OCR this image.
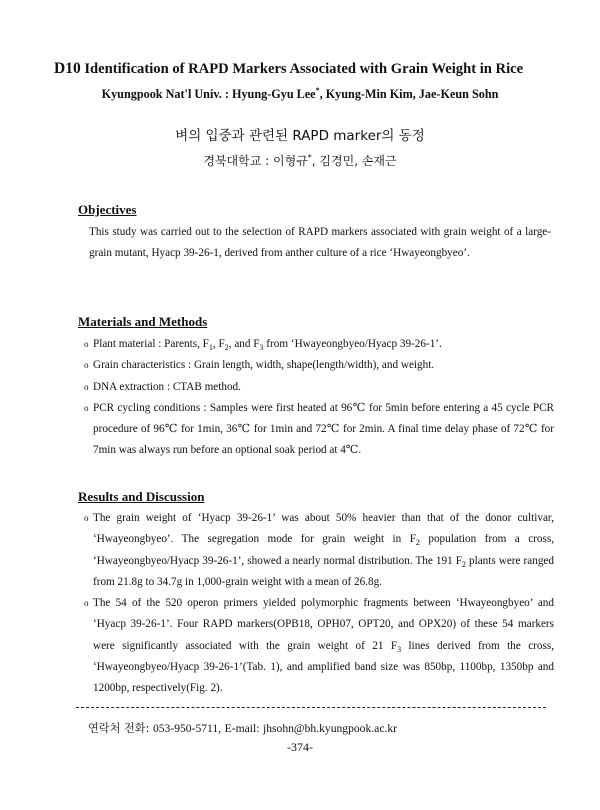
D10 Identification of RAPD Markers Associated with Grain Weight in Rice
Kyungpook Nat'l Univ. : Hyung-Gyu Lee*, Kyung-Min Kim, Jae-Keun Sohn
벼의 입중과 관련된 RAPD marker의 동정
경북대학교 : 이형규*, 김경민, 손재근
Objectives
This study was carried out to the selection of RAPD markers associated with grain weight of a large-grain mutant, Hyacp 39-26-1, derived from anther culture of a rice ‘Hwayeongbyeo’.
Materials and Methods
o Plant material : Parents, $F_1$, $F_2$, and $F_3$ from ‘Hwayeongbyeo/Hyacp 39-26-1’.
o Grain characteristics : Grain length, width, shape(length/width), and weight.
o DNA extraction : CTAB method.
o PCR cycling conditions : Samples were first heated at 96℃ for 5min before entering a 45 cycle PCR procedure of 96℃ for 1min, 36℃ for 1min and 72℃ for 2min. A final time delay phase of 72℃ for 7min was always run before an optional soak period at 4℃.
Results and Discussion
o The grain weight of ‘Hyacp 39-26-1’ was about 50% heavier than that of the donor cultivar, ‘Hwayeongbyeo’. The segregation mode for grain weight in $F_2$ population from a cross, ‘Hwayeongbyeo/Hyacp 39-26-1’, showed a nearly normal distribution. The 191 $F_2$ plants were ranged from 21.8g to 34.7g in 1,000-grain weight with a mean of 26.8g.
o The 54 of the 520 operon primers yielded polymorphic fragments between ‘Hwayeongbyeo’ and ‘Hyacp 39-26-1’. Four RAPD markers(OPB18, OPH07, OPT20, and OPX20) of these 54 markers were significantly associated with the grain weight of 21 $F_3$ lines derived from the cross, ‘Hwayeongbyeo/Hyacp 39-26-1’(Tab. 1), and amplified band size was 850bp, 1100bp, 1350bp and 1200bp, respectively(Fig. 2).
연락처 전화: 053-950-5711, E-mail: jhsohn@bh.kyungpook.ac.kr
-374-
